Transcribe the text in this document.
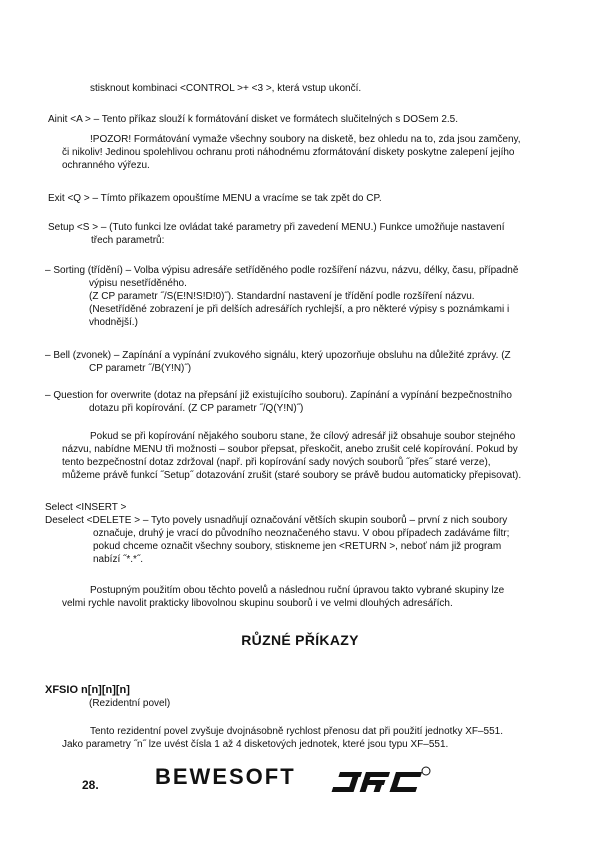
stisknout kombinaci <CONTROL >+ <3 >, která vstup ukončí.

Ainit <A > – Tento příkaz slouží k formátování disket ve formátech slučitelných s DOSem 2.5.

!POZOR! Formátování vymaže všechny soubory na disketě, bez ohledu na to, zda jsou zamčeny,

či nikoliv! Jedinou spolehlivou ochranu proti náhodnému zformátování diskety poskytne zalepení jejího

ochranného výřezu.

Exit <Q > – Tímto příkazem opouštíme MENU a vracíme se tak zpět do CP.

Setup <S > – (Tuto funkci lze ovládat také parametry při zavedení MENU.) Funkce umožňuje nastavení

třech parametrů:

– Sorting (třídění) – Volba výpisu adresáře setříděného podle rozšíření názvu, názvu, délky, času, případně

výpisu nesetříděného.

(Z CP parametr ˝/S(E!N!S!D!0)˝). Standardní nastavení je třídění podle rozšíření názvu.

(Nesetříděné zobrazení je při delších adresářích rychlejší, a pro některé výpisy s poznámkami i

vhodnější.)

– Bell (zvonek) – Zapínání a vypínání zvukového signálu, který upozorňuje obsluhu na důležité zprávy. (Z

CP parametr ˝/B(Y!N)˝)

– Question for overwrite (dotaz na přepsání již existujícího souboru). Zapínání a vypínání bezpečnostního

dotazu při kopírování. (Z CP parametr ˝/Q(Y!N)˝)

Pokud se při kopírování nějakého souboru stane, že cílový adresář již obsahuje soubor stejného

názvu, nabídne MENU tři možnosti – soubor přepsat, přeskočit, anebo zrušit celé kopírování. Pokud by

tento bezpečnostní dotaz zdržoval (např. při kopírování sady nových souborů ˝přes˝ staré verze),

můžeme právě funkcí ˝Setup˝ dotazování zrušit (staré soubory se právě budou automaticky přepisovat).

Select <INSERT >

Deselect <DELETE > – Tyto povely usnadňují označování větších skupin souborů – první z nich soubory

označuje, druhý je vrací do původního neoznačeného stavu. V obou případech zadáváme filtr;

pokud chceme označit všechny soubory, stiskneme jen <RETURN >, neboť nám již program

nabízí ˝*.*˝.

Postupným použitím obou těchto povelů a následnou ruční úpravou takto vybrané skupiny lze

velmi rychle navolit prakticky libovolnou skupinu souborů i ve velmi dlouhých adresářích.

RŮZNÉ PŘÍKAZY

XFSIO n[n][n][n]

(Rezidentní povel)

Tento rezidentní povel zvyšuje dvojnásobně rychlost přenosu dat při použití jednotky XF–551.

Jako parametry ˝n˝ lze uvést čísla 1 až 4 disketových jednotek, které jsou typu XF–551.

28.	BEWESOFT
